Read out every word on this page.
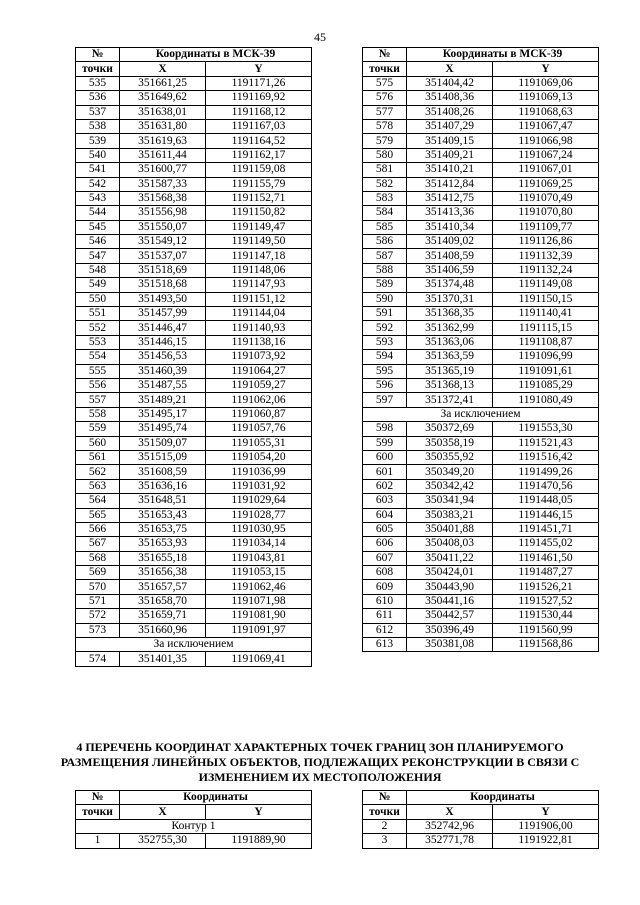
45
№	Координаты в МСК-39	
точки	X	Y
535	351661,25	1191171,26
536	351649,62	1191169,92
537	351638,01	1191168,12
538	351631,80	1191167,03
539	351619,63	1191164,52
540	351611,44	1191162,17
541	351600,77	1191159,08
542	351587,33	1191155,79
543	351568,38	1191152,71
544	351556,98	1191150,82
545	351550,07	1191149,47
546	351549,12	1191149,50
547	351537,07	1191147,18
548	351518,69	1191148,06
549	351518,68	1191147,93
550	351493,50	1191151,12
551	351457,99	1191144,04
552	351446,47	1191140,93
553	351446,15	1191138,16
554	351456,53	1191073,92
555	351460,39	1191064,27
556	351487,55	1191059,27
557	351489,21	1191062,06
558	351495,17	1191060,87
559	351495,74	1191057,76
560	351509,07	1191055,31
561	351515,09	1191054,20
562	351608,59	1191036,99
563	351636,16	1191031,92
564	351648,51	1191029,64
565	351653,43	1191028,77
566	351653,75	1191030,95
567	351653,93	1191034,14
568	351655,18	1191043,81
569	351656,38	1191053,15
570	351657,57	1191062,46
571	351658,70	1191071,98
572	351659,71	1191081,90
573	351660,96	1191091,97
За исключением		
574	351401,35	1191069,41
№	Координаты в МСК-39	
точки	X	Y
575	351404,42	1191069,06
576	351408,36	1191069,13
577	351408,26	1191068,63
578	351407,29	1191067,47
579	351409,15	1191066,98
580	351409,21	1191067,24
581	351410,21	1191067,01
582	351412,84	1191069,25
583	351412,75	1191070,49
584	351413,36	1191070,80
585	351410,34	1191109,77
586	351409,02	1191126,86
587	351408,59	1191132,39
588	351406,59	1191132,24
589	351374,48	1191149,08
590	351370,31	1191150,15
591	351368,35	1191140,41
592	351362,99	1191115,15
593	351363,06	1191108,87
594	351363,59	1191096,99
595	351365,19	1191091,61
596	351368,13	1191085,29
597	351372,41	1191080,49
За исключением		
598	350372,69	1191553,30
599	350358,19	1191521,43
600	350355,92	1191516,42
601	350349,20	1191499,26
602	350342,42	1191470,56
603	350341,94	1191448,05
604	350383,21	1191446,15
605	350401,88	1191451,71
606	350408,03	1191455,02
607	350411,22	1191461,50
608	350424,01	1191487,27
609	350443,90	1191526,21
610	350441,16	1191527,52
611	350442,57	1191530,44
612	350396,49	1191560,99
613	350381,08	1191568,86
4 ПЕРЕЧЕНЬ КООРДИНАТ ХАРАКТЕРНЫХ ТОЧЕК ГРАНИЦ ЗОН ПЛАНИРУЕМОГО РАЗМЕЩЕНИЯ ЛИНЕЙНЫХ ОБЪЕКТОВ, ПОДЛЕЖАЩИХ РЕКОНСТРУКЦИИ В СВЯЗИ С ИЗМЕНЕНИЕМ ИХ МЕСТОПОЛОЖЕНИЯ
№	Координаты	
точки	X	Y
Контур 1		
1	352755,30	1191889,90
№	Координаты	
точки	X	Y
2	352742,96	1191906,00
3	352771,78	1191922,81
